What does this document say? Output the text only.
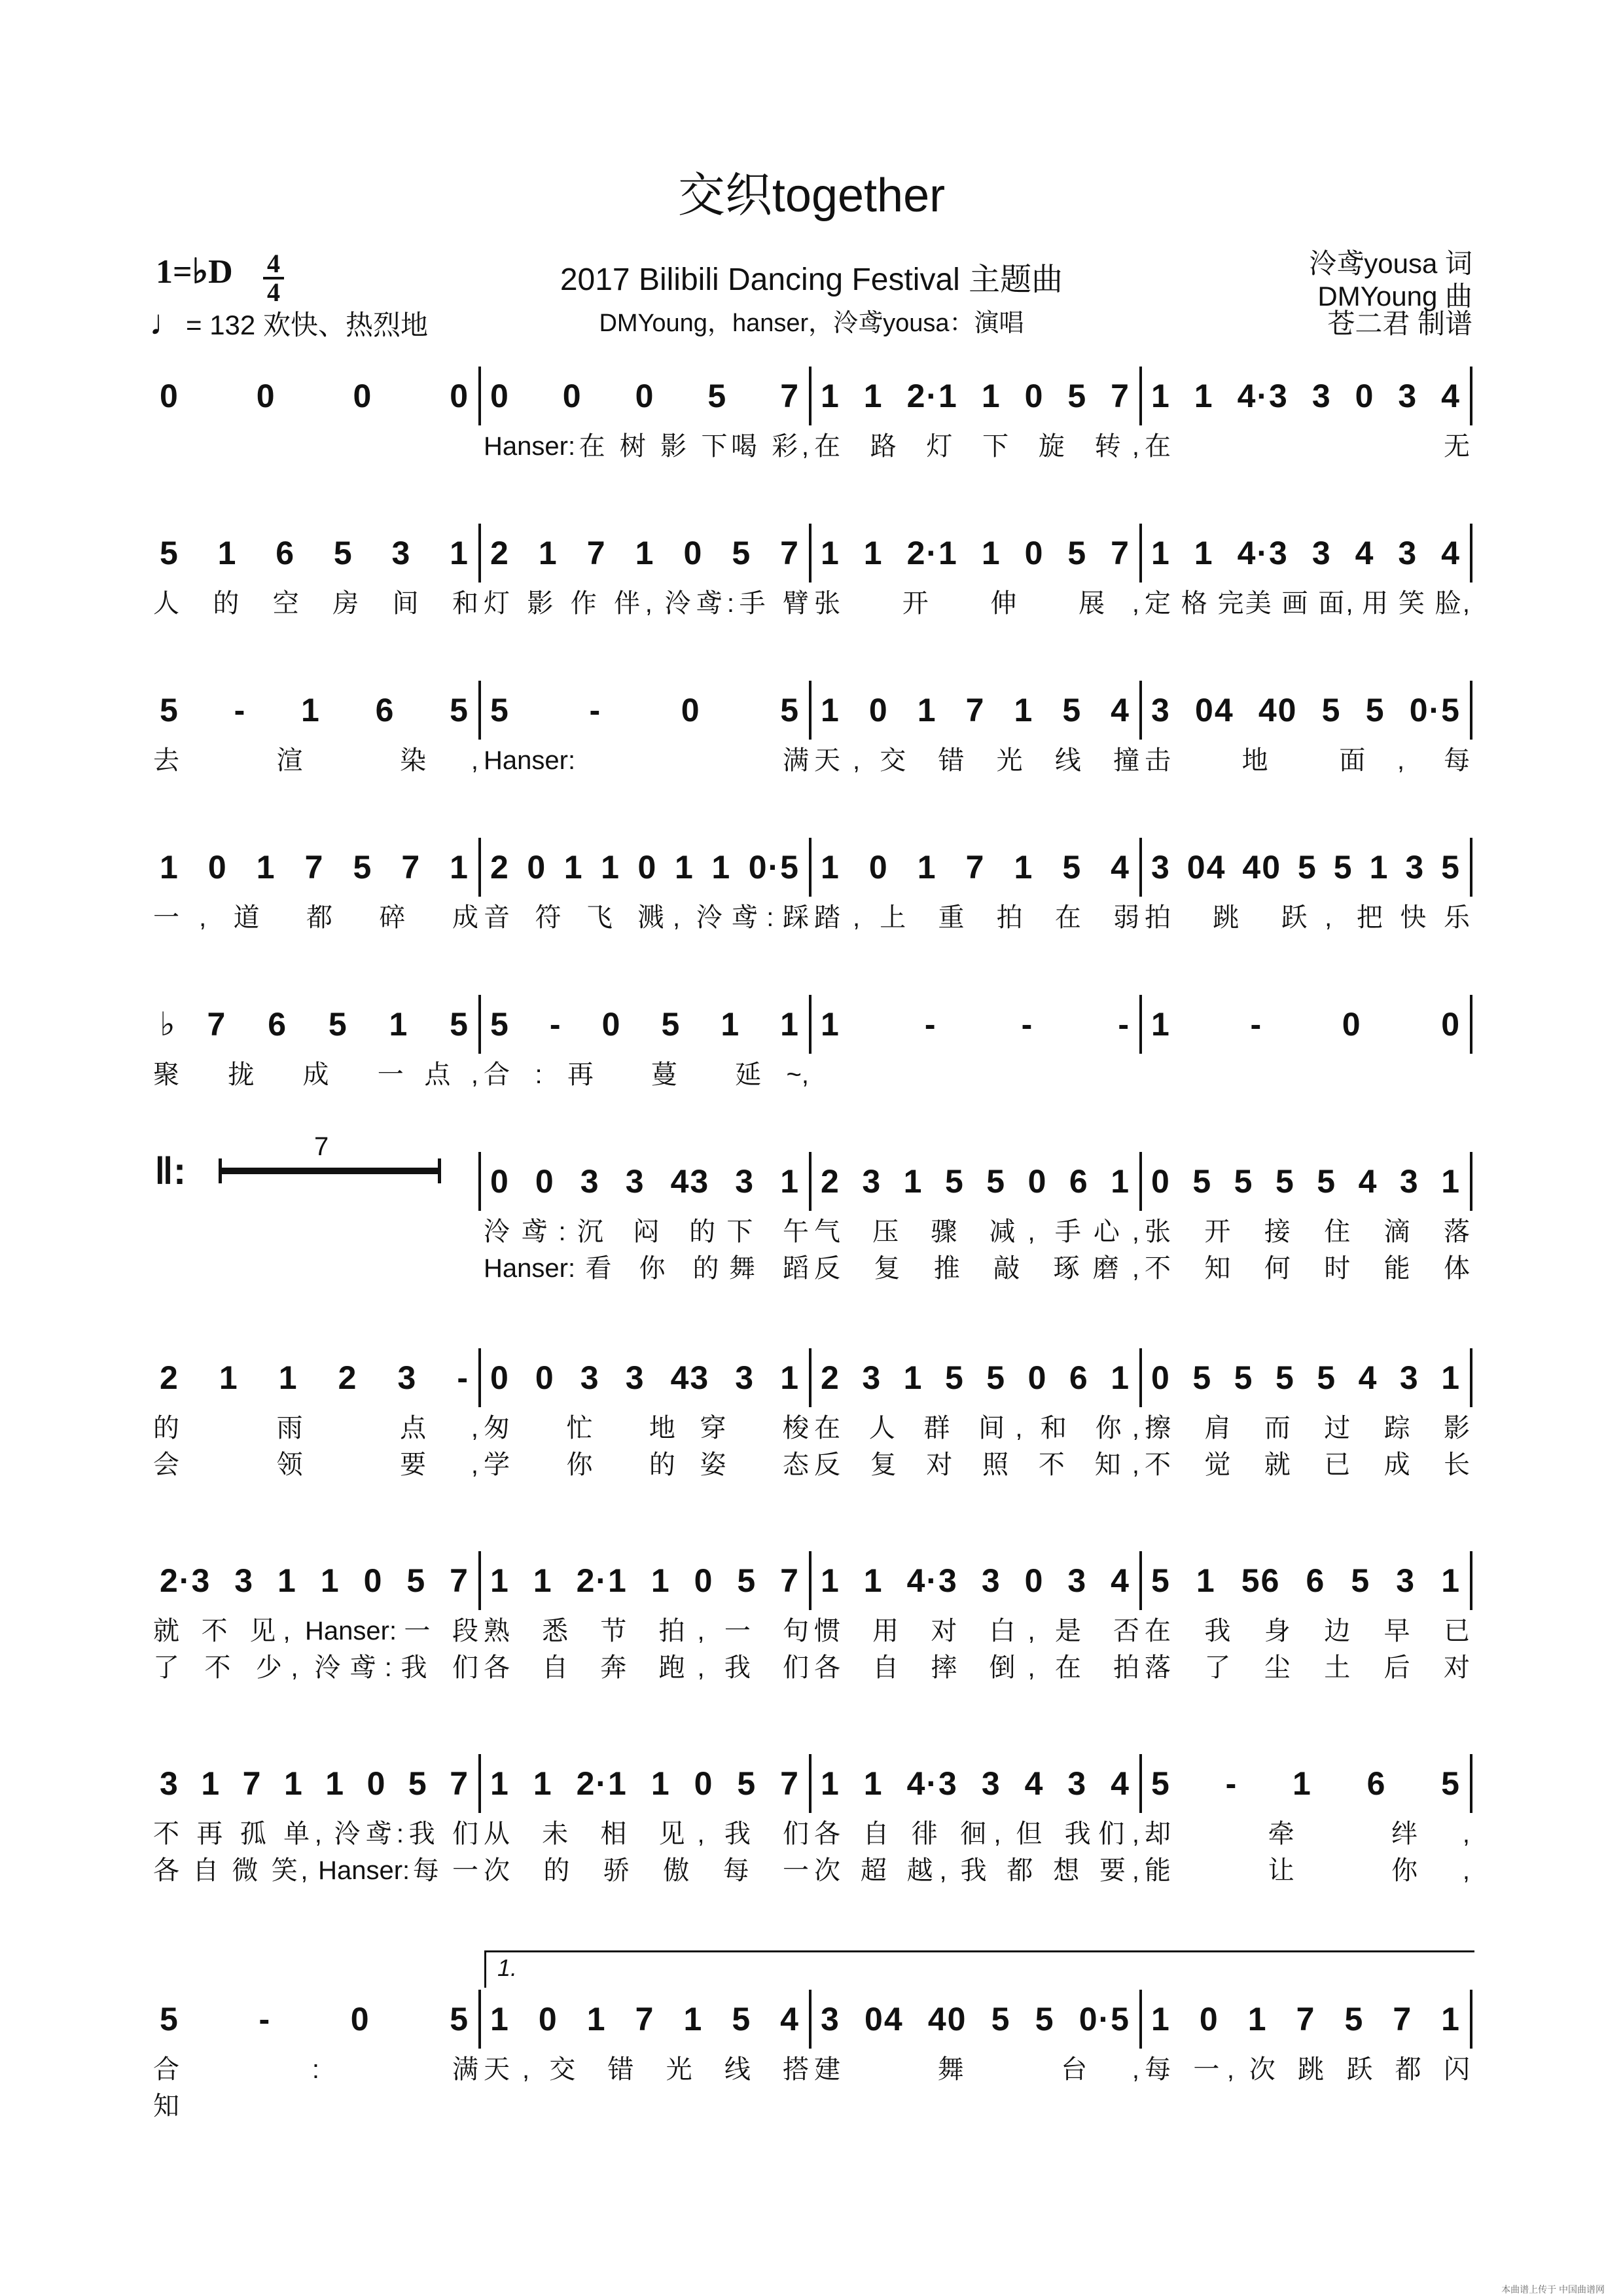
交织together
2017 Bilibili Dancing Festival 主题曲
DMYoung，hanser，泠鸢yousa：演唱
泠鸢yousa 词
DMYoung 曲
苍二君 制谱
1=♭D 4
4
♩= 132 欢快、热烈地
0 0 0 0 0 0 0 5 7 1 1 2·1 1 0 5 7 1 1 4·3 3 0 3 4
Hanser:在 树 影 下喝 彩, 在 路 灯 下 旋 转, 在 无
5 1 6 5 3 1 2 1 7 1 0 5 7 1 1 2·1 1 0 5 7 1 1 4·3 3 4 3 4
人 的 空 房 间 和 灯 影 作 伴, 泠鸢:手 臂 张 开 伸 展, 定 格 完美 画 面, 用 笑 脸,
5 - 1 6 5 5 - 0 5 1 0 1 7 1 5 4 3 04 40 5 5 0·5
去 渲 染, Hanser:满 天, 交 错 光 线 撞 击 地 面, 每
1 0 1 7 5 7 1 2 0 1 1 0 1 1 0·5 1 0 1 7 1 5 4 3 04 40 5 5 1 3 5
一, 道 都 碎 成 音 符 飞 溅, 泠鸢:踩 踏, 上 重 拍 在 弱 拍 跳 跃, 把快乐
♭7 6 5 1 5 5 - 0 5 1 1 1 - - - 1 - 0 0
聚 拢 成 一点, 合:再 蔓 延~,
0 0 3 3 43 3 1 2 3 1 5 5 0 6 1 0 5 5 5 5 4 3 1
泠鸢:沉 闷 的下 午 气 压 骤 减, 手心, 张 开 接 住 滴 落
Hanser:看 你 的舞 蹈 反 复 推 敲 琢磨, 不 知 何 时 能 体
2 1 1 2 3 - 0 0 3 3 43 3 1 2 3 1 5 5 0 6 1 0 5 5 5 5 4 3 1
的 雨 点, 匆 忙 地穿 梭 在 人 群 间, 和 你, 擦 肩 而 过 踪 影
会 领 要, 学 你 的姿 态 反 复 对 照 不 知, 不 觉 就 已 成 长
2·3 3 1 1 0 5 7 1 1 2·1 1 0 5 7 1 1 4·3 3 0 3 4 5 1 56 6 5 3 1
就 不 见, Hanser:一 段 熟 悉 节 拍, 一 句 惯 用 对 白, 是 否 在 我 身 边 早 已
了 不 少, 泠鸢:我 们 各 自 奔 跑, 我 们 各 自 摔 倒, 在 拍 落 了 尘 土 后 对
3 1 7 1 1 0 5 7 1 1 2·1 1 0 5 7 1 1 4·3 3 4 3 4 5 - 1 6 5
不 再 孤 单, 泠鸢:我 们 从 未 相 见, 我 们 各 自 徘 徊, 但 我们, 却 牵 绊,
各 自 微 笑, Hanser:每 一 次 的 骄 傲 每 一 次 超 越, 我 都 想 要, 能 让 你,
5 - 0 5 1 0 1 7 1 5 4 3 04 40 5 5 0·5 1 0 1 7 5 7 1
合:满 天, 交 错 光 线 搭 建 舞 台, 每 一, 次 跳 跃 都 闪
知
‖:
7
1.
本曲谱上传于 中国曲谱网
